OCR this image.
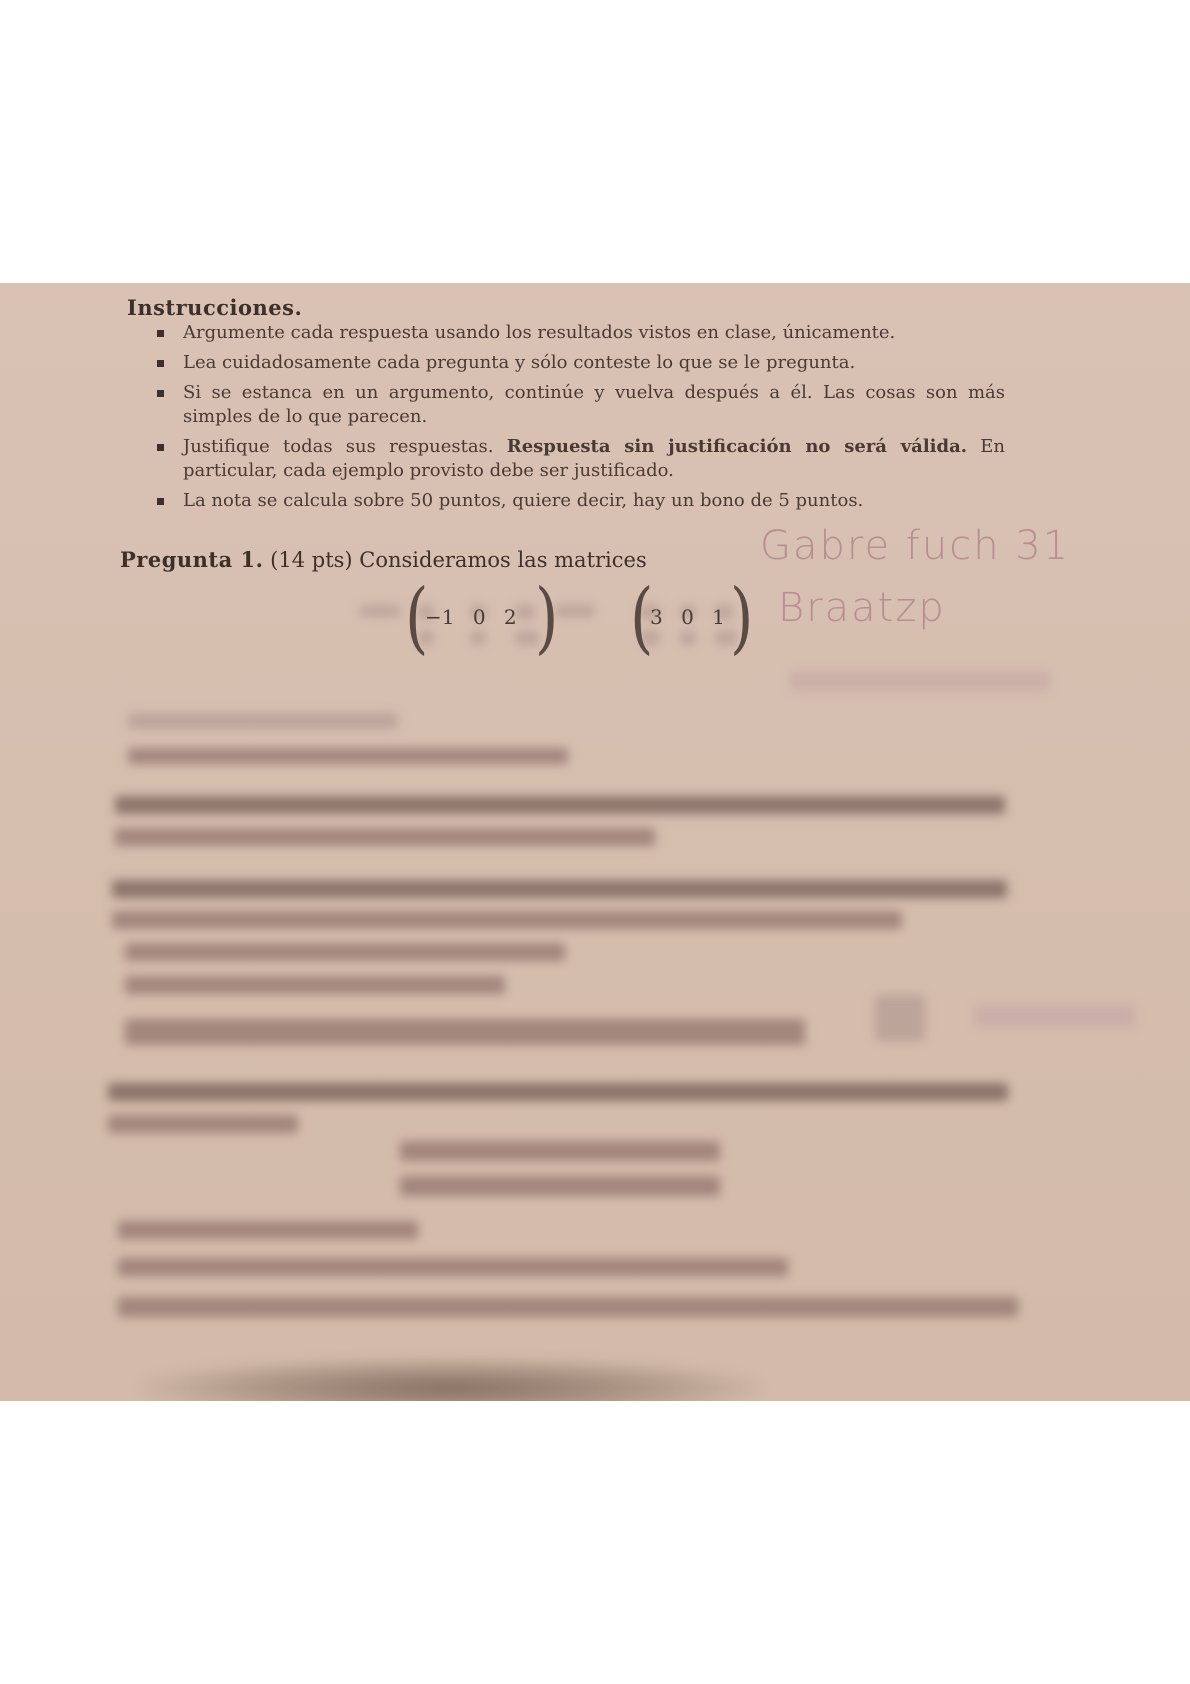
Instrucciones.
Argumente cada respuesta usando los resultados vistos en clase, únicamente.
Lea cuidadosamente cada pregunta y sólo conteste lo que se le pregunta.
Si se estanca en un argumento, continúe y vuelva después a él. Las cosas son más simples de lo que parecen.
Justifique todas sus respuestas. Respuesta sin justificación no será válida. En particular, cada ejemplo provisto debe ser justificado.
La nota se calcula sobre 50 puntos, quiere decir, hay un bono de 5 puntos.
Pregunta 1. (14 pts) Consideramos las matrices
(
−1 0 2 ) (
3 0 1 )
Gabre fuch 31
Braatzp
